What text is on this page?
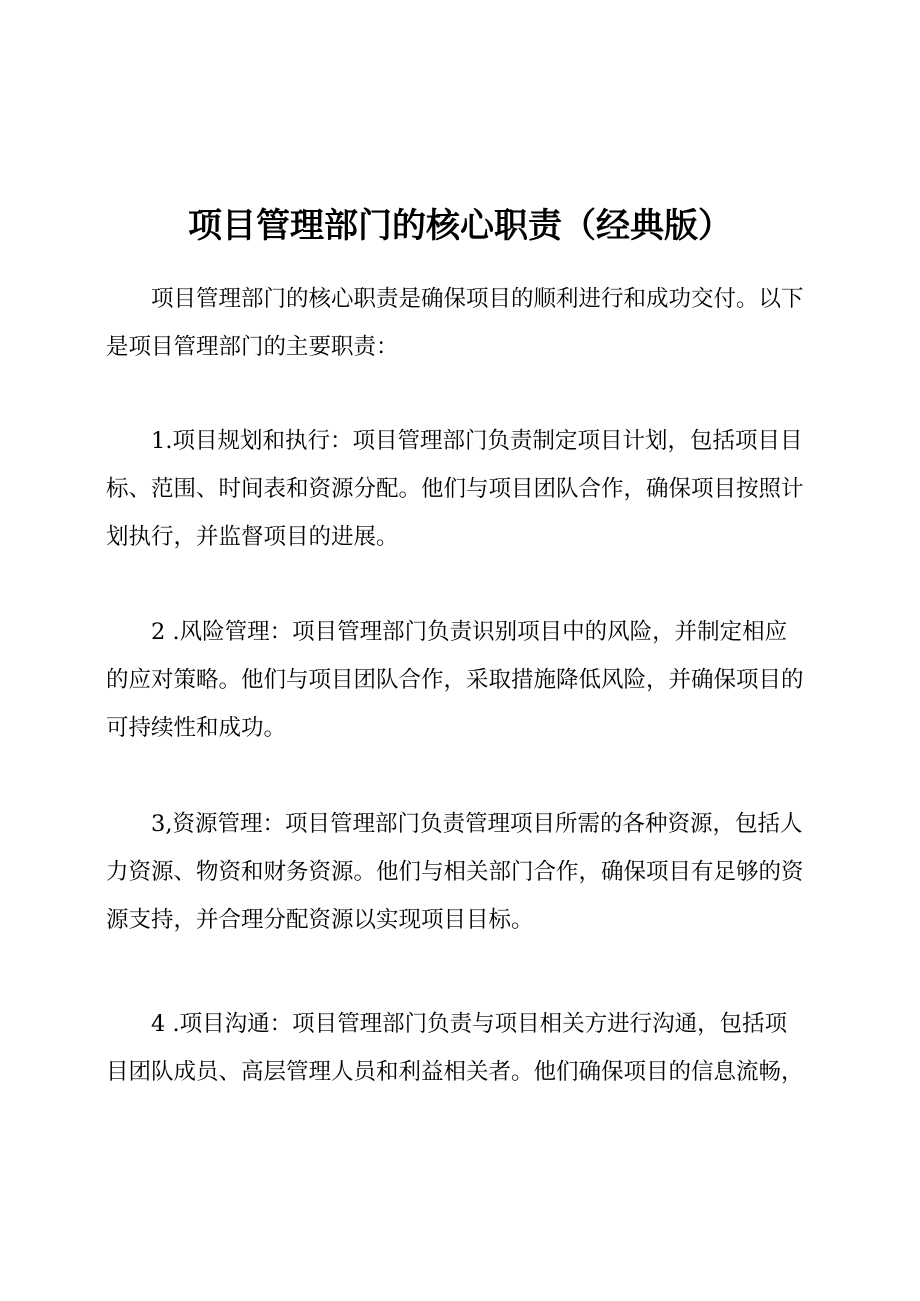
项目管理部门的核心职责（经典版）
项目管理部门的核心职责是确保项目的顺利进行和成功交付。以下
是项目管理部门的主要职责：
1.项目规划和执行：项目管理部门负责制定项目计划，包括项目目
标、范围、时间表和资源分配。他们与项目团队合作，确保项目按照计
划执行，并监督项目的进展。
2 .风险管理：项目管理部门负责识别项目中的风险，并制定相应
的应对策略。他们与项目团队合作，采取措施降低风险，并确保项目的
可持续性和成功。
3,资源管理：项目管理部门负责管理项目所需的各种资源，包括人
力资源、物资和财务资源。他们与相关部门合作，确保项目有足够的资
源支持，并合理分配资源以实现项目目标。
4 .项目沟通：项目管理部门负责与项目相关方进行沟通，包括项
目团队成员、高层管理人员和利益相关者。他们确保项目的信息流畅，
